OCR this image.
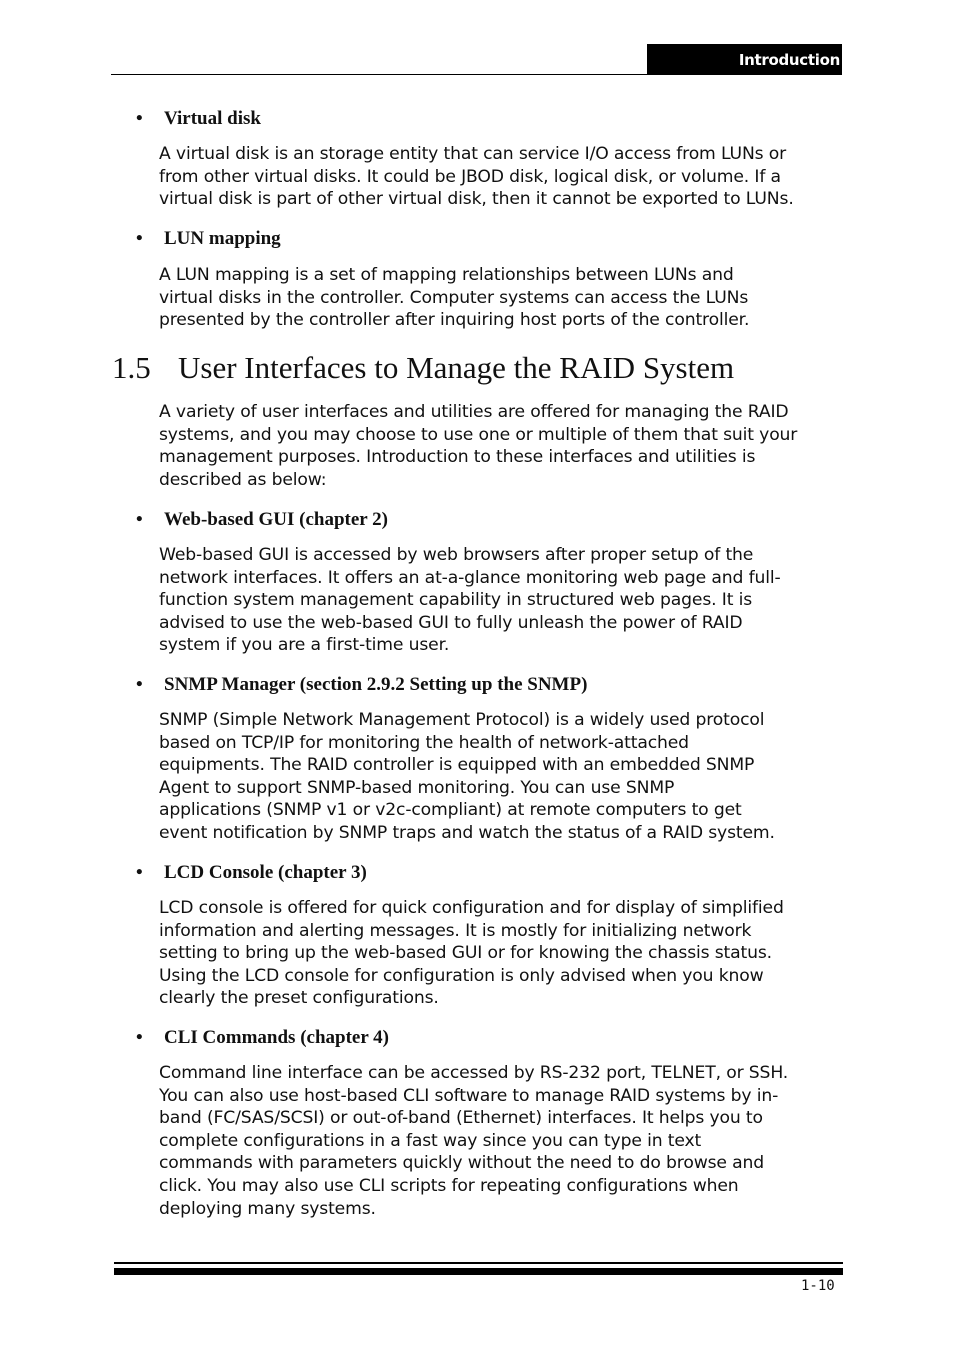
Introduction
• Virtual disk
A virtual disk is an storage entity that can service I/O access from LUNs or
from other virtual disks. It could be JBOD disk, logical disk, or volume. If a
virtual disk is part of other virtual disk, then it cannot be exported to LUNs.
• LUN mapping
A LUN mapping is a set of mapping relationships between LUNs and
virtual disks in the controller. Computer systems can access the LUNs
presented by the controller after inquiring host ports of the controller.
1.5 User Interfaces to Manage the RAID System
A variety of user interfaces and utilities are offered for managing the RAID
systems, and you may choose to use one or multiple of them that suit your
management purposes. Introduction to these interfaces and utilities is
described as below:
• Web-based GUI (chapter 2)
Web-based GUI is accessed by web browsers after proper setup of the
network interfaces. It offers an at-a-glance monitoring web page and full-
function system management capability in structured web pages. It is
advised to use the web-based GUI to fully unleash the power of RAID
system if you are a first-time user.
• SNMP Manager (section 2.9.2 Setting up the SNMP)
SNMP (Simple Network Management Protocol) is a widely used protocol
based on TCP/IP for monitoring the health of network-attached
equipments. The RAID controller is equipped with an embedded SNMP
Agent to support SNMP-based monitoring. You can use SNMP
applications (SNMP v1 or v2c-compliant) at remote computers to get
event notification by SNMP traps and watch the status of a RAID system.
• LCD Console (chapter 3)
LCD console is offered for quick configuration and for display of simplified
information and alerting messages. It is mostly for initializing network
setting to bring up the web-based GUI or for knowing the chassis status.
Using the LCD console for configuration is only advised when you know
clearly the preset configurations.
• CLI Commands (chapter 4)
Command line interface can be accessed by RS-232 port, TELNET, or SSH.
You can also use host-based CLI software to manage RAID systems by in-
band (FC/SAS/SCSI) or out-of-band (Ethernet) interfaces. It helps you to
complete configurations in a fast way since you can type in text
commands with parameters quickly without the need to do browse and
click. You may also use CLI scripts for repeating configurations when
deploying many systems.
1-10
